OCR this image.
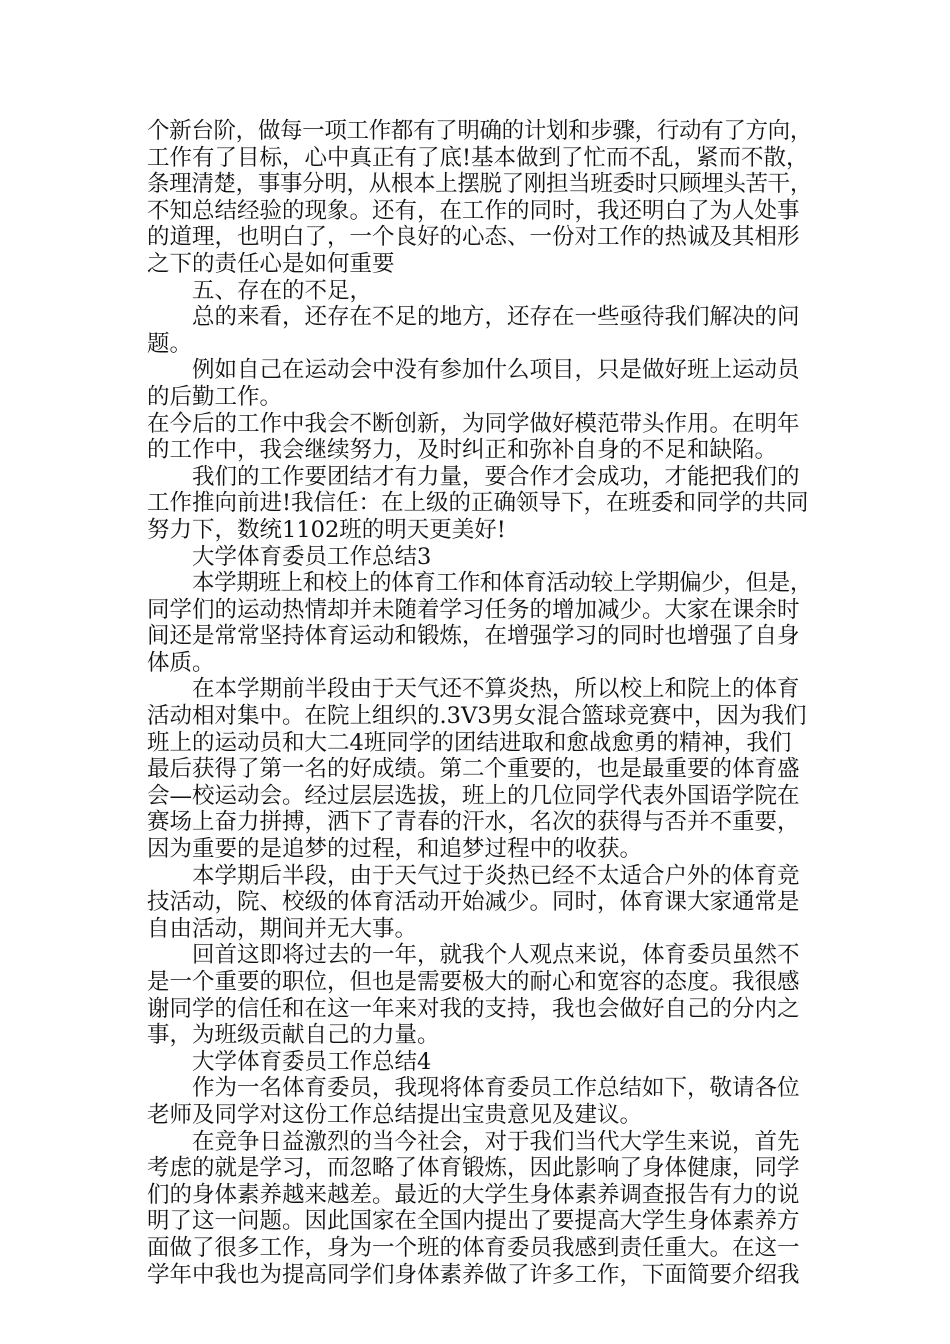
个新台阶，做每一项工作都有了明确的计划和步骤，行动有了方向，
工作有了目标，心中真正有了底!基本做到了忙而不乱，紧而不散，
条理清楚，事事分明，从根本上摆脱了刚担当班委时只顾埋头苦干，
不知总结经验的现象。还有，在工作的同时，我还明白了为人处事
的道理，也明白了，一个良好的心态、一份对工作的热诚及其相形
之下的责任心是如何重要
五、存在的不足，
总的来看，还存在不足的地方，还存在一些亟待我们解决的问
题。
例如自己在运动会中没有参加什么项目，只是做好班上运动员
的后勤工作。
在今后的工作中我会不断创新，为同学做好模范带头作用。在明年
的工作中，我会继续努力，及时纠正和弥补自身的不足和缺陷。
我们的工作要团结才有力量，要合作才会成功，才能把我们的
工作推向前进!我信任：在上级的正确领导下，在班委和同学的共同
努力下，数统1102班的明天更美好!
大学体育委员工作总结3
本学期班上和校上的体育工作和体育活动较上学期偏少，但是，
同学们的运动热情却并未随着学习任务的增加减少。大家在课余时
间还是常常坚持体育运动和锻炼，在增强学习的同时也增强了自身
体质。
在本学期前半段由于天气还不算炎热，所以校上和院上的体育
活动相对集中。在院上组织的.3V3男女混合篮球竞赛中，因为我们
班上的运动员和大二4班同学的团结进取和愈战愈勇的精神，我们
最后获得了第一名的好成绩。第二个重要的，也是最重要的体育盛
会—校运动会。经过层层选拔，班上的几位同学代表外国语学院在
赛场上奋力拼搏，洒下了青春的汗水，名次的获得与否并不重要，
因为重要的是追梦的过程，和追梦过程中的收获。
本学期后半段，由于天气过于炎热已经不太适合户外的体育竞
技活动，院、校级的体育活动开始减少。同时，体育课大家通常是
自由活动，期间并无大事。
回首这即将过去的一年，就我个人观点来说，体育委员虽然不
是一个重要的职位，但也是需要极大的耐心和宽容的态度。我很感
谢同学的信任和在这一年来对我的支持，我也会做好自己的分内之
事，为班级贡献自己的力量。
大学体育委员工作总结4
作为一名体育委员，我现将体育委员工作总结如下，敬请各位
老师及同学对这份工作总结提出宝贵意见及建议。
在竞争日益激烈的当今社会，对于我们当代大学生来说，首先
考虑的就是学习，而忽略了体育锻炼，因此影响了身体健康，同学
们的身体素养越来越差。最近的大学生身体素养调查报告有力的说
明了这一问题。因此国家在全国内提出了要提高大学生身体素养方
面做了很多工作，身为一个班的体育委员我感到责任重大。在这一
学年中我也为提高同学们身体素养做了许多工作，下面简要介绍我
